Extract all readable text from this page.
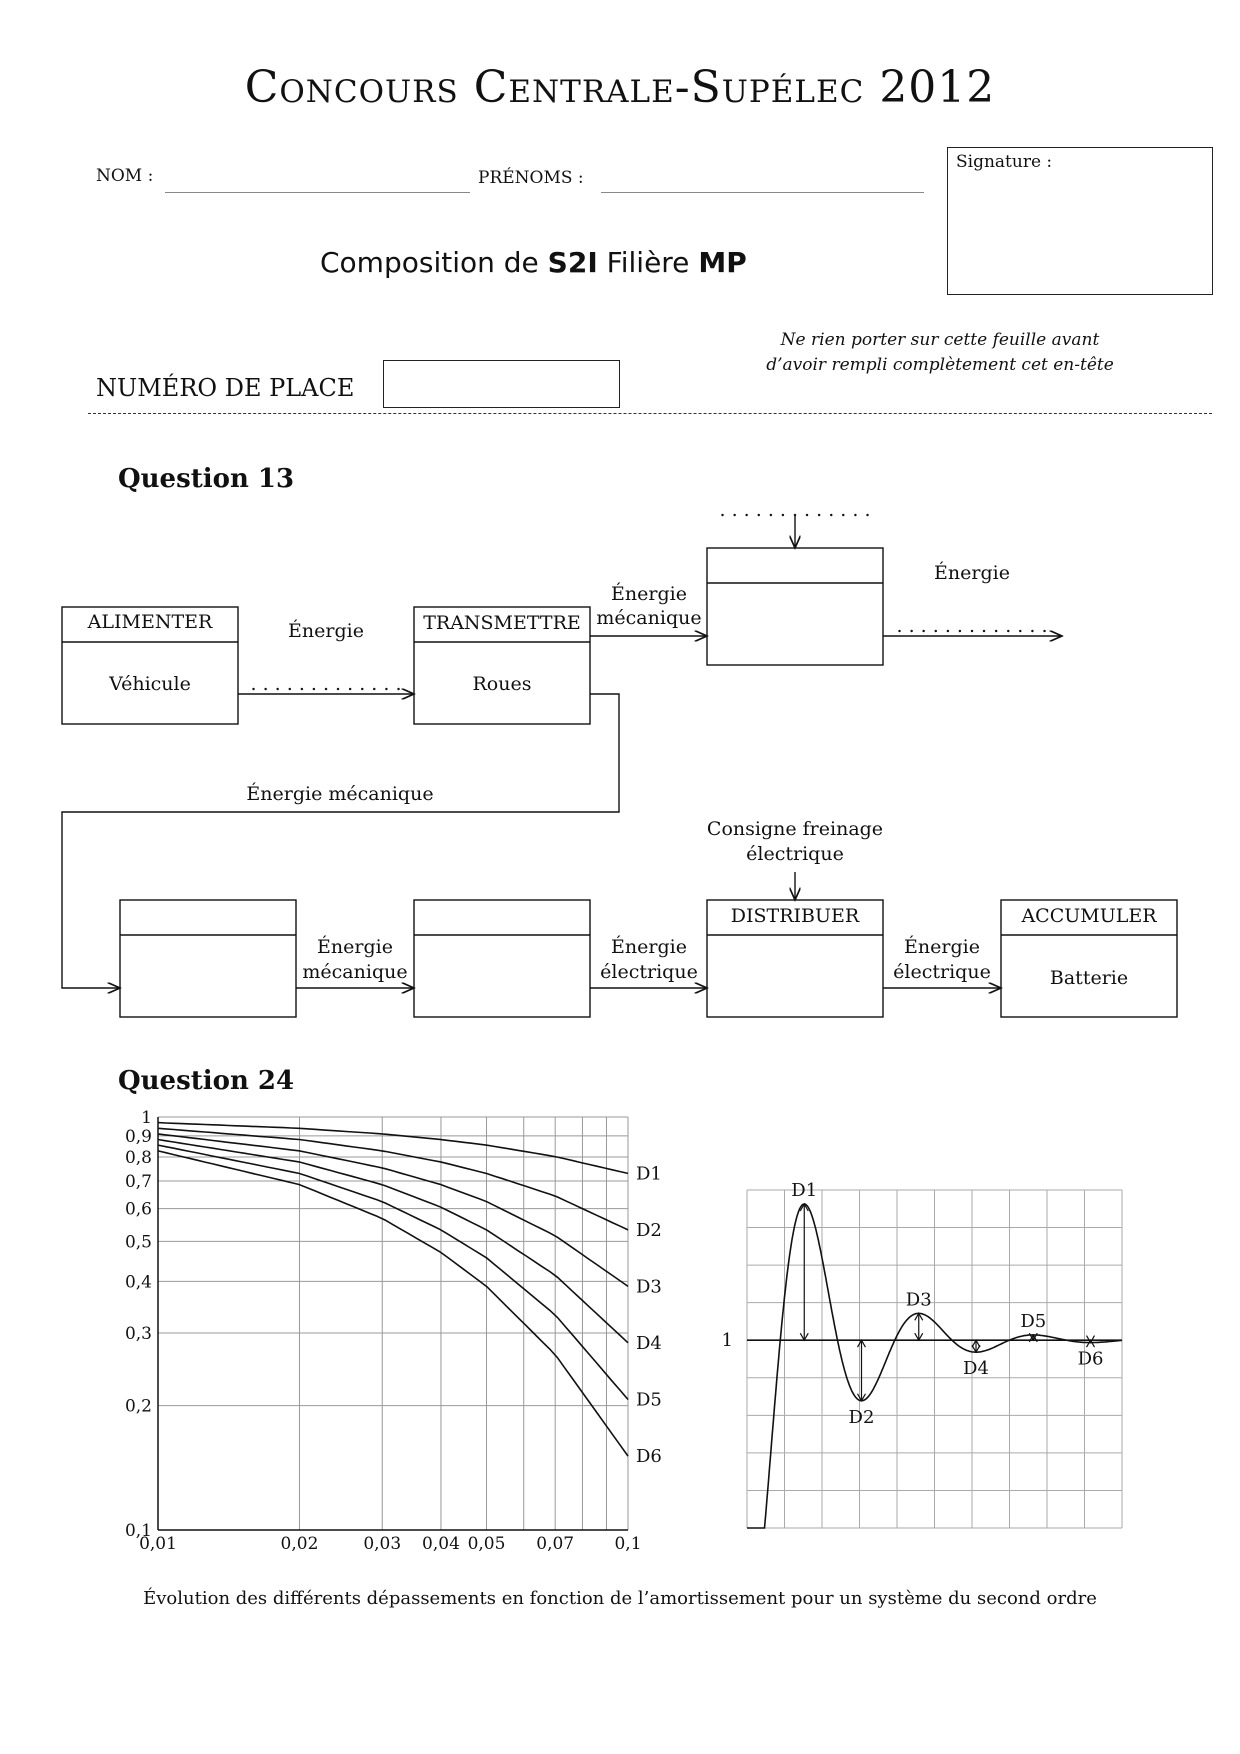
Concours Centrale-Supélec 2012
NOM :	PRÉNOMS :
Signature :
Composition de S2I Filière MP
Ne rien porter sur cette feuille avant
d’avoir rempli complètement cet en-tête
NUMÉRO DE PLACE
Question 13
Question 24
ALIMENTER
Véhicule
TRANSMETTRE
Roues
DISTRIBUER	ACCUMULER
Batterie
Énergie
. . . . . . . . . . . . .
Énergie
mécanique
Énergie
. . . . . . . . . . . . .
. . . . . . . . . . . . .
Énergie mécanique
Énergie
mécanique
Énergie
électrique
Énergie
électrique
Consigne freinage
électrique
0,01	0,02	0,03 0,04 0,05 0,07 0,1
1
0,9
0,8
0,7
0,6
0,5
0,4
0,3
0,2
0,1
D1
D2
D3
D4
D5
D6
1
D1
D2
D3
D4
D5
D6
Évolution des différents dépassements en fonction de l’amortissement pour un système du second ordre
